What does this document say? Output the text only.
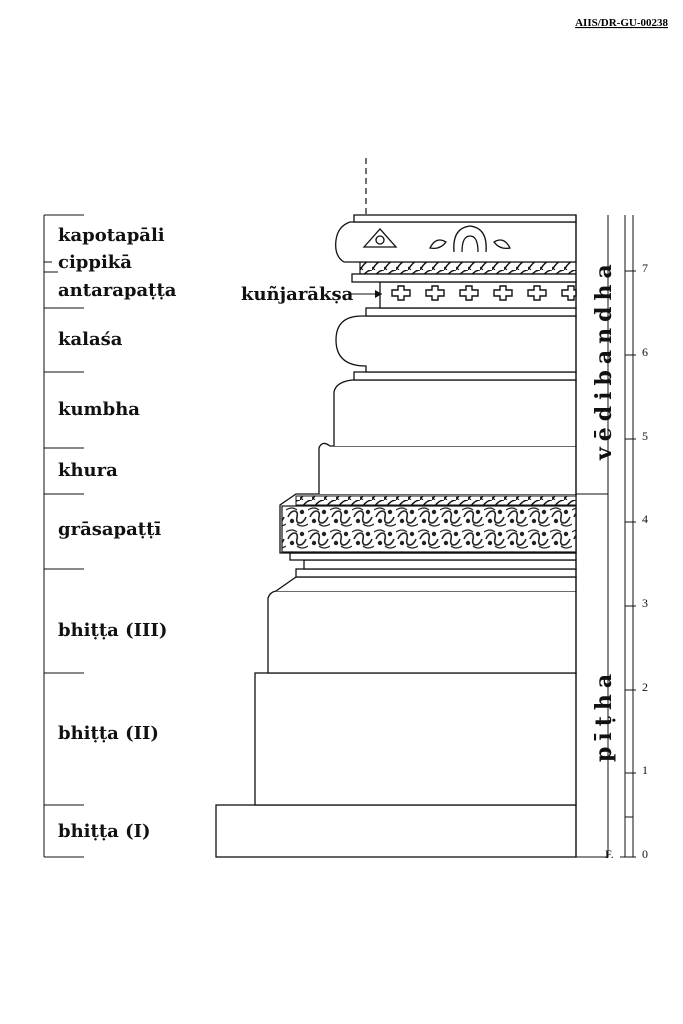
AIIS/DR-GU-00238
kapotapāli
cippikā
antarapaṭṭa
kalaśa
kumbha
khura
grāsapaṭṭī
bhiṭṭa (III)
bhiṭṭa (II)
bhiṭṭa (I)
kuñjarākṣa	vēdibandha
pīṭha
0
1
2
3
4
5
6
7
F.
